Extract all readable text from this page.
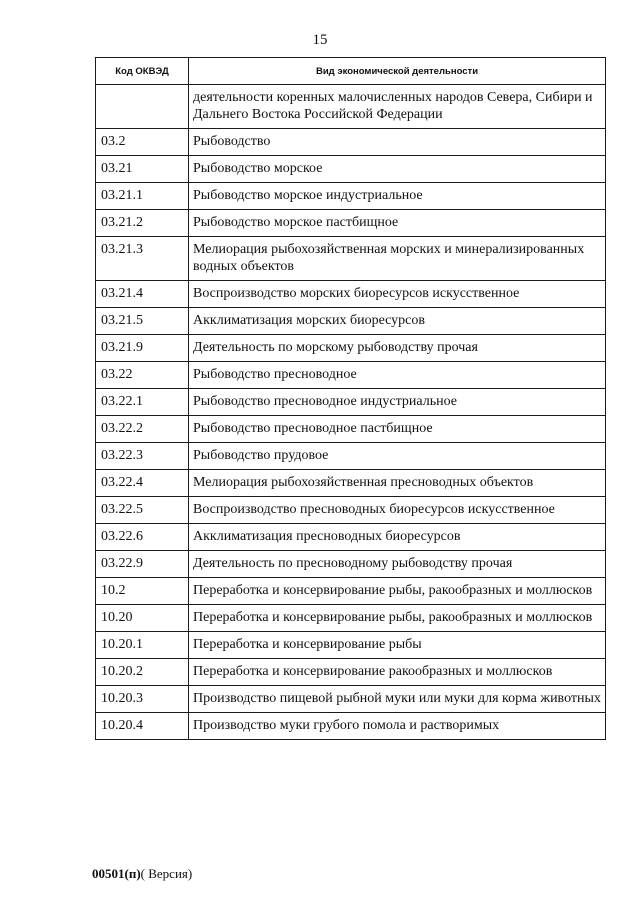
15
Код ОКВЭД	Вид экономической деятельности
	деятельности коренных малочисленных народов Севера, Сибири и Дальнего Востока Российской Федерации
03.2	Рыбоводство
03.21	Рыбоводство морское
03.21.1	Рыбоводство морское индустриальное
03.21.2	Рыбоводство морское пастбищное
03.21.3	Мелиорация рыбохозяйственная морских и минерализированных водных объектов
03.21.4	Воспроизводство морских биоресурсов искусственное
03.21.5	Акклиматизация морских биоресурсов
03.21.9	Деятельность по морскому рыбоводству прочая
03.22	Рыбоводство пресноводное
03.22.1	Рыбоводство пресноводное индустриальное
03.22.2	Рыбоводство пресноводное пастбищное
03.22.3	Рыбоводство прудовое
03.22.4	Мелиорация рыбохозяйственная пресноводных объектов
03.22.5	Воспроизводство пресноводных биоресурсов искусственное
03.22.6	Акклиматизация пресноводных биоресурсов
03.22.9	Деятельность по пресноводному рыбоводству прочая
10.2	Переработка и консервирование рыбы, ракообразных и моллюсков
10.20	Переработка и консервирование рыбы, ракообразных и моллюсков
10.20.1	Переработка и консервирование рыбы
10.20.2	Переработка и консервирование ракообразных и моллюсков
10.20.3	Производство пищевой рыбной муки или муки для корма животных
10.20.4	Производство муки грубого помола и растворимых
00501(п)( Версия)
